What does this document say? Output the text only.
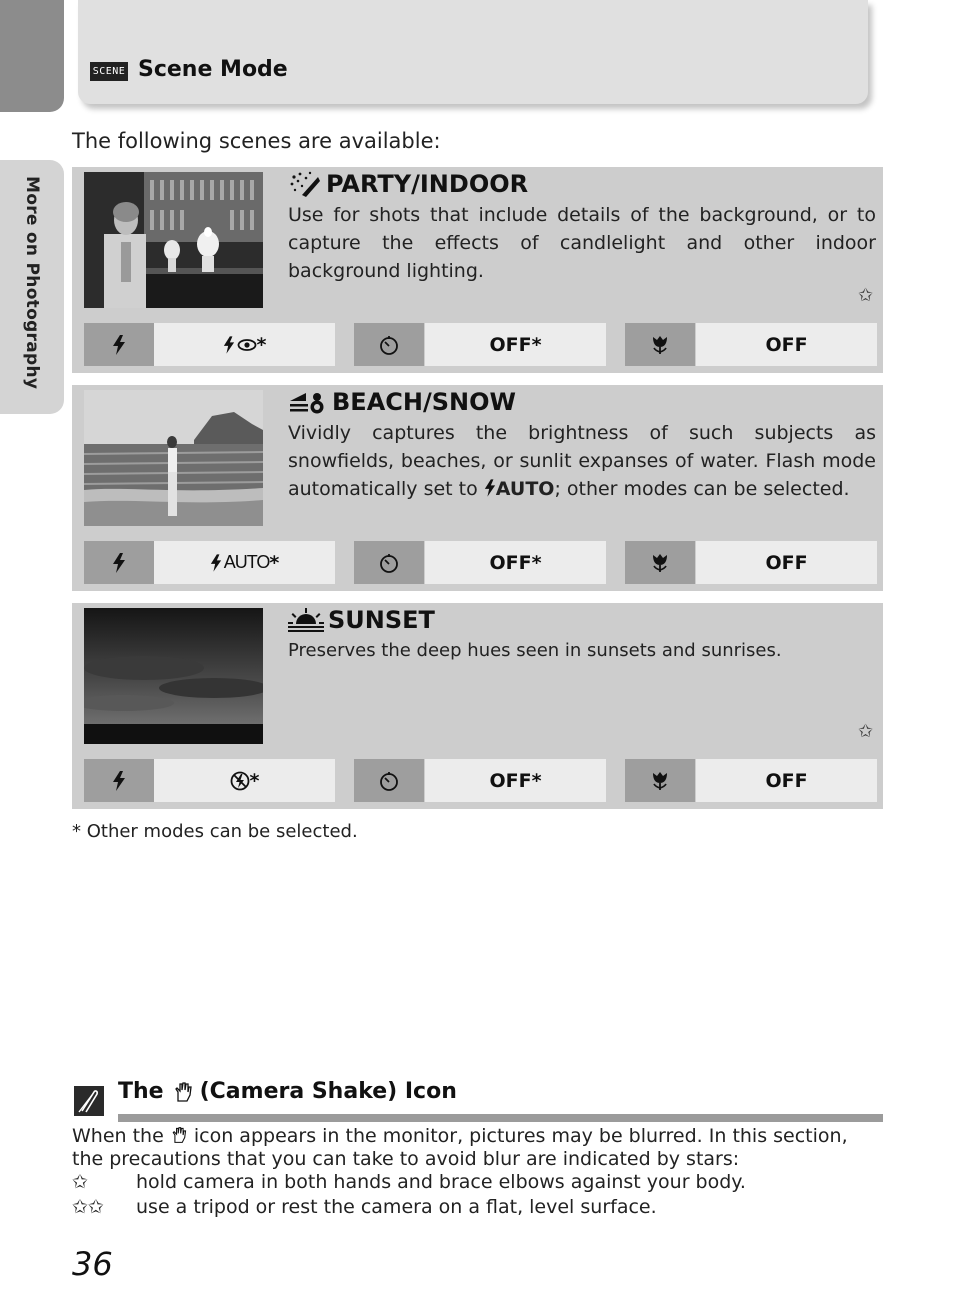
More on Photography
SCENE Scene Mode
The following scenes are available:
PARTY/INDOOR
Use for shots that include details of the background, or to capture the effects of candlelight and other indoor background lighting.
✩
*	OFF*	OFF
BEACH/SNOW
Vividly captures the brightness of such subjects as snowfields, beaches, or sunlit expanses of water. Flash mode automatically set to AUTO; other modes can be selected.
AUTO *	OFF*	OFF
SUNSET
Preserves the deep hues seen in sunsets and sunrises.
✩
*	OFF*	OFF
* Other modes can be selected.
The (Camera Shake) Icon
When the icon appears in the monitor, pictures may be blurred. In this section, the precautions that you can take to avoid blur are indicated by stars:
✩	hold camera in both hands and brace elbows against your body.
✩✩ use a tripod or rest the camera on a flat, level surface.
36
